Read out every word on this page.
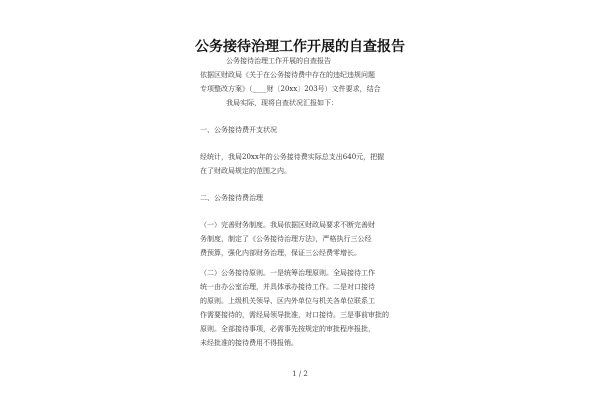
公务接待治理工作开展的自查报告
公务接待治理工作开展的自查报告
依据区财政局《关于在公务接待费中存在的违纪违规问题
专项整改方案》（____财〔20xx〕203号）文件要求，结合
我局实际，现将自查状况汇报如下：
一、公务接待费开支状况
经统计，我局20xx年的公务接待费实际总支出640元，把握
在了财政局规定的范围之内。
二、公务接待费治理
（一）完善财务制度。我局依据区财政局要求不断完善财
务制度，制定了《公务接待治理方法》，严格执行三公经
费预算，强化内部财务治理，保证三公经费零增长。
（二）公务接待原则。一是统筹治理原则。全局接待工作
统一由办公室治理，并具体承办接待工作。二是对口接待
的原则。上级机关领导、区内外单位与机关各单位联系工
作需要接待的，需经局领导批准，对口接待。三是事前审批的
原则。全部接待事项，必需事先按规定的审批程序报批，
未经批准的接待费用不得报销。
1 / 2
